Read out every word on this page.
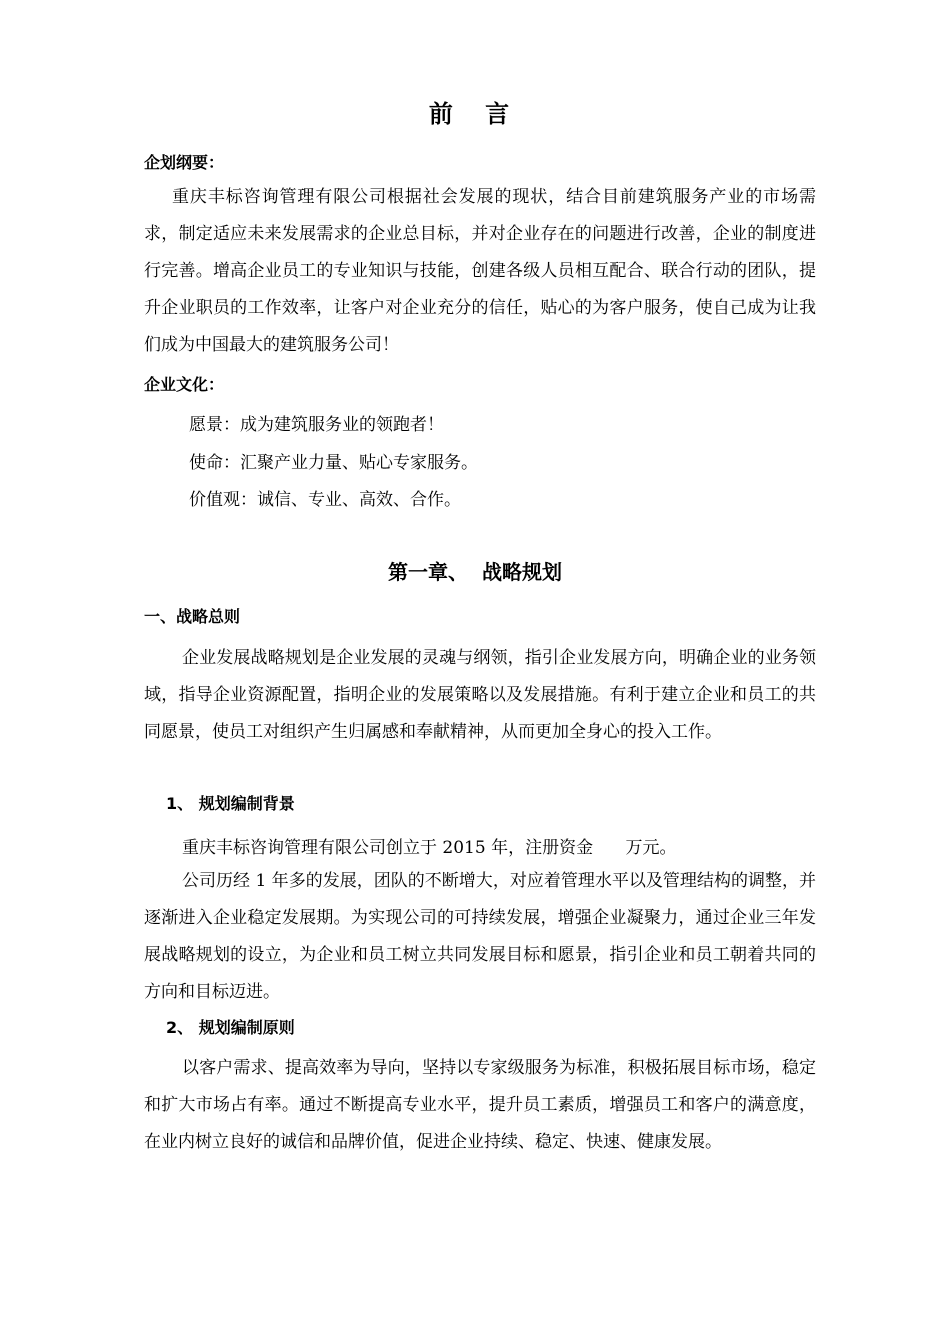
前 言
企划纲要：

重庆丰标咨询管理有限公司根据社会发展的现状，结合目前建筑服务产业的市场需求，制定适应未来发展需求的企业总目标，并对企业存在的问题进行改善，企业的制度进行完善。增高企业员工的专业知识与技能，创建各级人员相互配合、联合行动的团队，提升企业职员的工作效率，让客户对企业充分的信任，贴心的为客户服务，使自己成为让我们成为中国最大的建筑服务公司！

企业文化：
愿景：成为建筑服务业的领跑者！
使命：汇聚产业力量、贴心专家服务。
价值观：诚信、专业、高效、合作。
第一章、  战略规划
一、战略总则

企业发展战略规划是企业发展的灵魂与纲领，指引企业发展方向，明确企业的业务领域，指导企业资源配置，指明企业的发展策略以及发展措施。有利于建立企业和员工的共同愿景，使员工对组织产生归属感和奉献精神，从而更加全身心的投入工作。

1、 规划编制背景
重庆丰标咨询管理有限公司创立于 2015 年，注册资金      万元。

公司历经 1 年多的发展，团队的不断增大，对应着管理水平以及管理结构的调整，并逐渐进入企业稳定发展期。为实现公司的可持续发展，增强企业凝聚力，通过企业三年发展战略规划的设立，为企业和员工树立共同发展目标和愿景，指引企业和员工朝着共同的方向和目标迈进。

2、 规划编制原则

以客户需求、提高效率为导向，坚持以专家级服务为标准，积极拓展目标市场，稳定和扩大市场占有率。通过不断提高专业水平，提升员工素质，增强员工和客户的满意度，在业内树立良好的诚信和品牌价值，促进企业持续、稳定、快速、健康发展。
